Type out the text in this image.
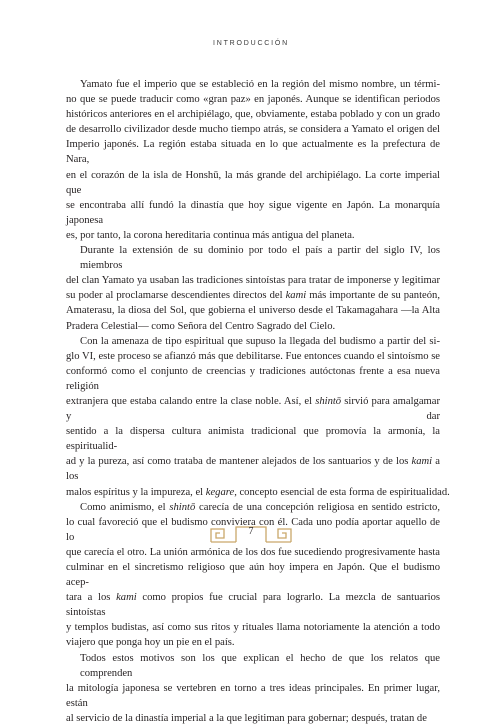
INTRODUCCIÓN
Yamato fue el imperio que se estableció en la región del mismo nombre, un térmi-
no que se puede traducir como «gran paz» en japonés. Aunque se identifican periodos
históricos anteriores en el archipiélago, que, obviamente, estaba poblado y con un grado
de desarrollo civilizador desde mucho tiempo atrás, se considera a Yamato el origen del
Imperio japonés. La región estaba situada en lo que actualmente es la prefectura de Nara,
en el corazón de la isla de Honshū, la más grande del archipiélago. La corte imperial que
se encontraba allí fundó la dinastía que hoy sigue vigente en Japón. La monarquía japonesa
es, por tanto, la corona hereditaria continua más antigua del planeta.
Durante la extensión de su dominio por todo el país a partir del siglo IV, los miembros
del clan Yamato ya usaban las tradiciones sintoístas para tratar de imponerse y legitimar
su poder al proclamarse descendientes directos del kami más importante de su panteón,
Amaterasu, la diosa del Sol, que gobierna el universo desde el Takamagahara —la Alta
Pradera Celestial— como Señora del Centro Sagrado del Cielo.
Con la amenaza de tipo espiritual que supuso la llegada del budismo a partir del si-
glo VI, este proceso se afianzó más que debilitarse. Fue entonces cuando el sintoísmo se
conformó como el conjunto de creencias y tradiciones autóctonas frente a esa nueva religión
extranjera que estaba calando entre la clase noble. Así, el shintō sirvió para amalgamar y dar
sentido a la dispersa cultura animista tradicional que promovía la armonía, la espiritualid-
ad y la pureza, así como trataba de mantener alejados de los santuarios y de los kami a los
malos espíritus y la impureza, el kegare, concepto esencial de esta forma de espiritualidad.
Como animismo, el shintō carecía de una concepción religiosa en sentido estricto,
lo cual favoreció que el budismo conviviera con él. Cada uno podía aportar aquello de lo
que carecía el otro. La unión armónica de los dos fue sucediendo progresivamente hasta
culminar en el sincretismo religioso que aún hoy impera en Japón. Que el budismo acep-
tara a los kami como propios fue crucial para lograrlo. La mezcla de santuarios sintoístas
y templos budistas, así como sus ritos y rituales llama notoriamente la atención a todo
viajero que ponga hoy un pie en el país.
Todos estos motivos son los que explican el hecho de que los relatos que comprenden
la mitología japonesa se vertebren en torno a tres ideas principales. En primer lugar, están
al servicio de la dinastía imperial a la que legitiman para gobernar; después, tratan de
7
